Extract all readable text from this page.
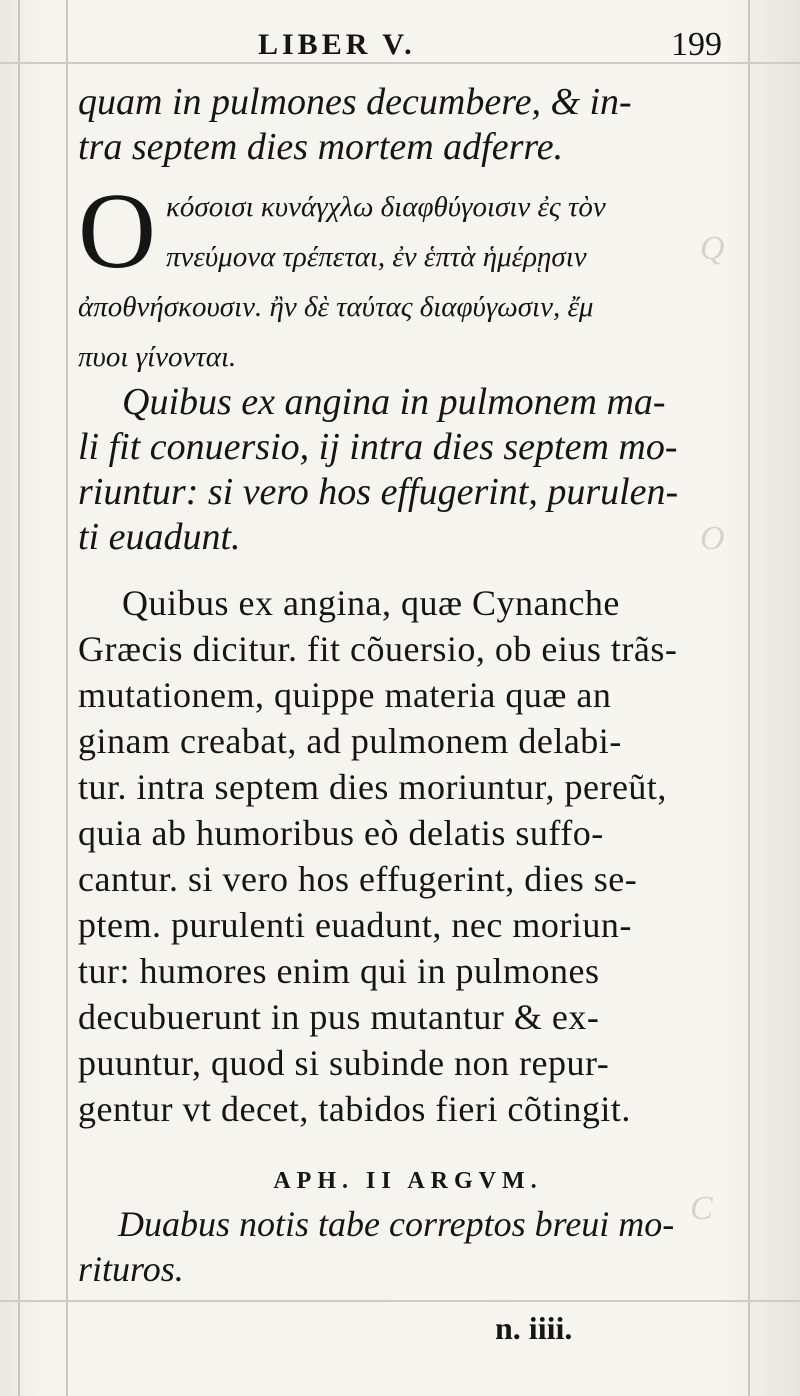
Q
O
C
LIBER V.	199
quam in pulmones decumbere, & in-
tra septem dies mortem adferre.
O κόσοισι κυνάγχλω διαφθύγοισιν ἐς τὸν
πνεύμονα τρέπεται, ἐν ἑπτὰ ἡμέρῃσιν
ἀποθνήσκουσιν. ἢν δὲ ταύτας διαφύγωσιν, ἔμ
πυοι γίνονται.
Quibus ex angina in pulmonem ma-
li fit conuersio, ij intra dies septem mo-
riuntur: si vero hos effugerint, purulen-
ti euadunt.
Quibus ex angina, quæ Cynanche
Græcis dicitur. fit cõuersio, ob eius trãs-
mutationem, quippe materia quæ an
ginam creabat, ad pulmonem delabi-
tur. intra septem dies moriuntur, pereũt,
quia ab humoribus eò delatis suffo-
cantur. si vero hos effugerint, dies se-
ptem. purulenti euadunt, nec moriun-
tur: humores enim qui in pulmones
decubuerunt in pus mutantur & ex-
puuntur, quod si subinde non repur-
gentur vt decet, tabidos fieri cõtingit.
APH. II ARGVM.
Duabus notis tabe correptos breui mo-
rituros.
n. iiii.
